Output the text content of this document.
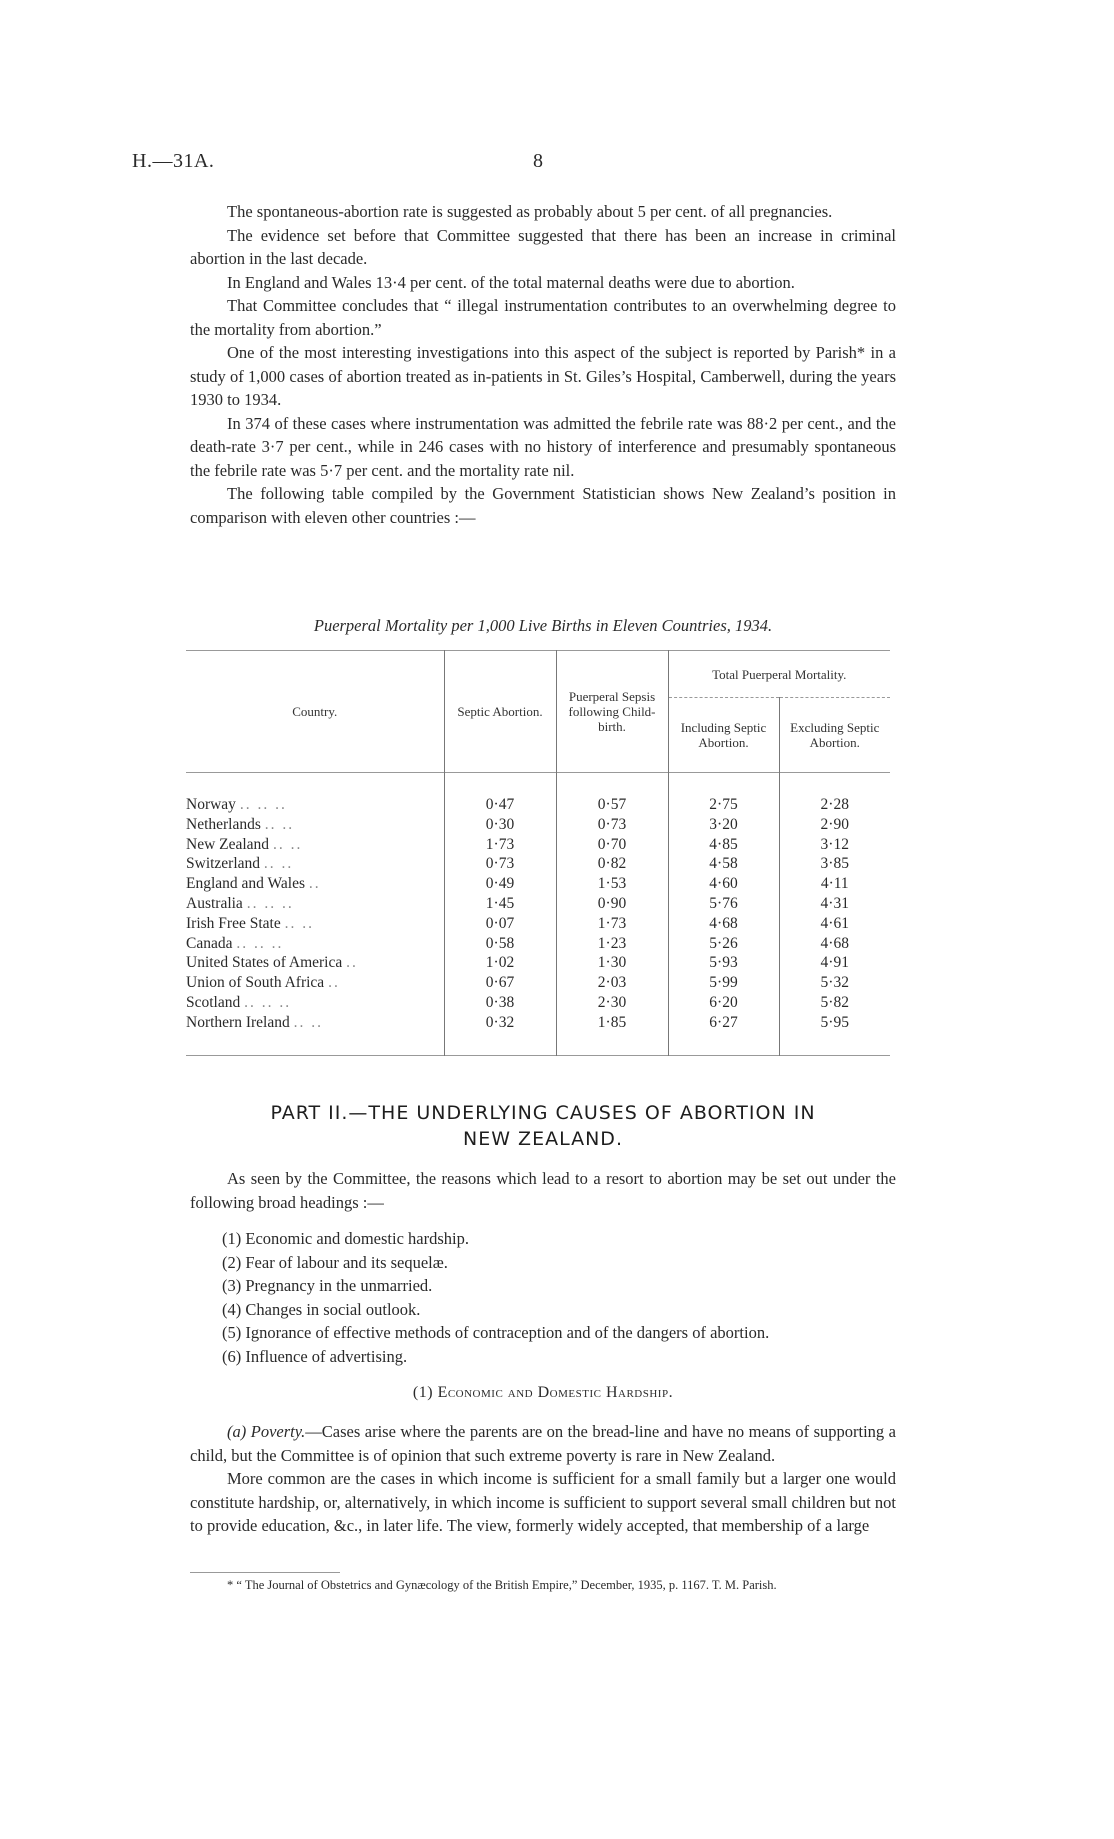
H.—31A.	8

The spontaneous-abortion rate is suggested as probably about 5 per cent. of all pregnancies.

The evidence set before that Committee suggested that there has been an increase in criminal abortion in the last decade.

In England and Wales 13·4 per cent. of the total maternal deaths were due to abortion.

That Committee concludes that “ illegal instrumentation contributes to an overwhelming degree to the mortality from abortion.”

One of the most interesting investigations into this aspect of the subject is reported by Parish* in a study of 1,000 cases of abortion treated as in-patients in St. Giles’s Hospital, Camberwell, during the years 1930 to 1934.

In 374 of these cases where instrumentation was admitted the febrile rate was 88·2 per cent., and the death-rate 3·7 per cent., while in 246 cases with no history of interference and presumably spontaneous the febrile rate was 5·7 per cent. and the mortality rate nil.

The following table compiled by the Government Statistician shows New Zealand’s position in comparison with eleven other countries :—

Puerperal Mortality per 1,000 Live Births in Eleven Countries, 1934.
Country.	Septic Abortion.	Puerperal Sepsis following Child-birth.	Total Puerperal Mortality.	
			Including Septic Abortion.	Excluding Septic Abortion.
Norway .. .. ..	0·47	0·57	2·75	2·28
Netherlands .. ..	0·30	0·73	3·20	2·90
New Zealand .. ..	1·73	0·70	4·85	3·12
Switzerland .. ..	0·73	0·82	4·58	3·85
England and Wales ..	0·49	1·53	4·60	4·11
Australia .. .. ..	1·45	0·90	5·76	4·31
Irish Free State .. ..	0·07	1·73	4·68	4·61
Canada .. .. ..	0·58	1·23	5·26	4·68
United States of America ..	1·02	1·30	5·93	4·91
Union of South Africa ..	0·67	2·03	5·99	5·32
Scotland .. .. ..	0·38	2·30	6·20	5·82
Northern Ireland .. ..	0·32	1·85	6·27	5·95
PART II.—THE UNDERLYING CAUSES OF ABORTION IN
NEW ZEALAND.

As seen by the Committee, the reasons which lead to a resort to abortion may be set out under the following broad headings :—

(1) Economic and domestic hardship.
(2) Fear of labour and its sequelæ.
(3) Pregnancy in the unmarried.
(4) Changes in social outlook.
(5) Ignorance of effective methods of contraception and of the dangers of abortion.
(6) Influence of advertising.
(1) Economic and Domestic Hardship.

(a) Poverty.—Cases arise where the parents are on the bread-line and have no means of supporting a child, but the Committee is of opinion that such extreme poverty is rare in New Zealand.

More common are the cases in which income is sufficient for a small family but a larger one would constitute hardship, or, alternatively, in which income is sufficient to support several small children but not to provide education, &c., in later life. The view, formerly widely accepted, that membership of a large

* “ The Journal of Obstetrics and Gynæcology of the British Empire,” December, 1935, p. 1167. T. M. Parish.
